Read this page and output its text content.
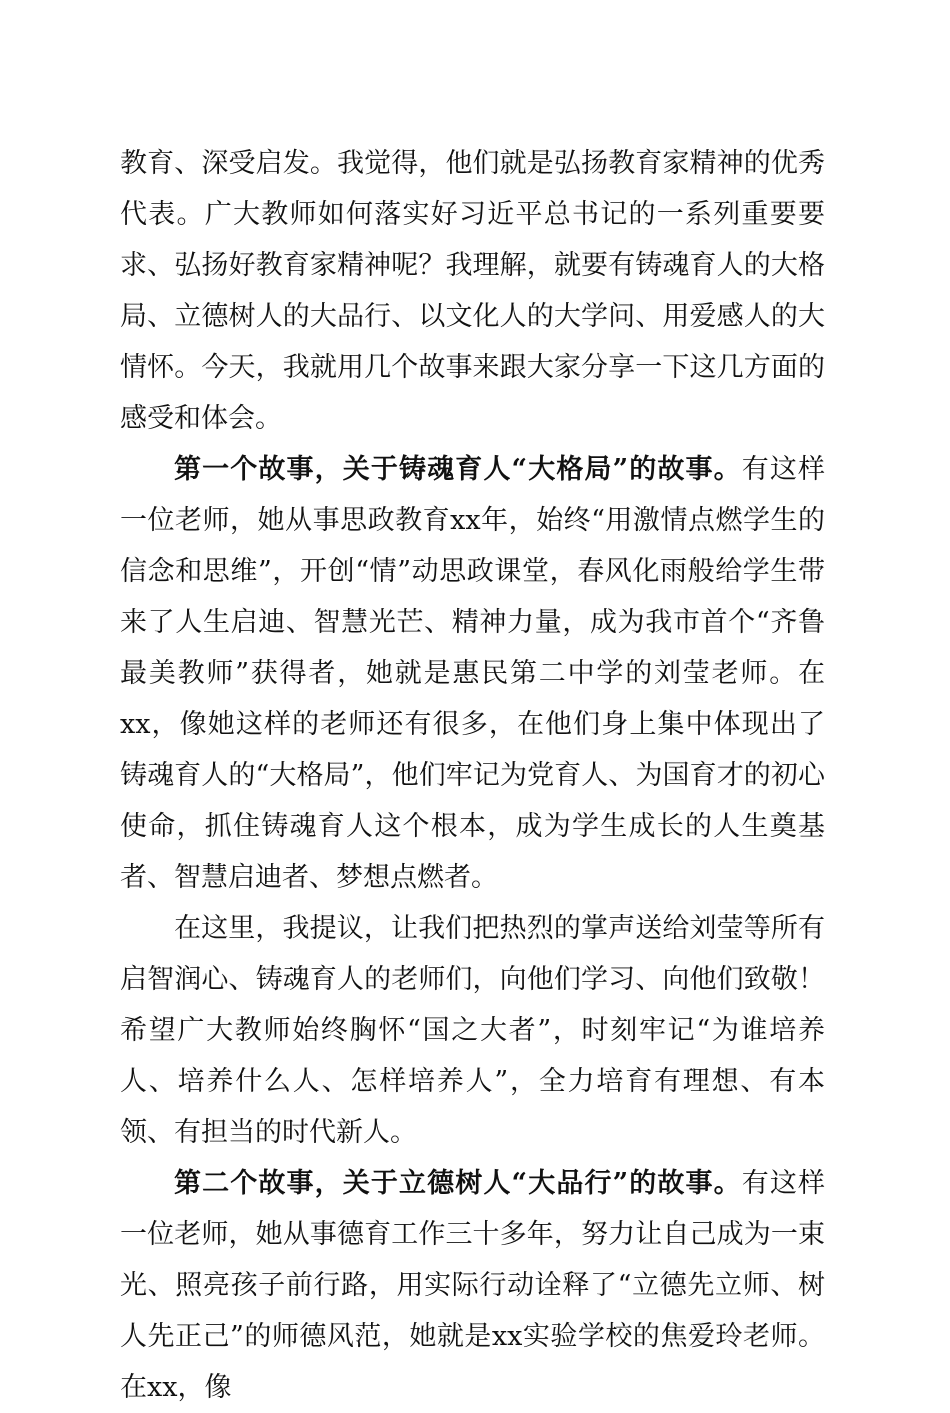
教育、深受启发。我觉得，他们就是弘扬教育家精神的优秀代表。广大教师如何落实好习近平总书记的一系列重要要求、弘扬好教育家精神呢？我理解，就要有铸魂育人的大格局、立德树人的大品行、以文化人的大学问、用爱感人的大情怀。今天，我就用几个故事来跟大家分享一下这几方面的感受和体会。

第一个故事，关于铸魂育人“大格局”的故事。有这样一位老师，她从事思政教育xx年，始终“用激情点燃学生的信念和思维”，开创“情”动思政课堂，春风化雨般给学生带来了人生启迪、智慧光芒、精神力量，成为我市首个“齐鲁最美教师”获得者，她就是惠民第二中学的刘莹老师。在xx，像她这样的老师还有很多，在他们身上集中体现出了铸魂育人的“大格局”，他们牢记为党育人、为国育才的初心使命，抓住铸魂育人这个根本，成为学生成长的人生奠基者、智慧启迪者、梦想点燃者。

在这里，我提议，让我们把热烈的掌声送给刘莹等所有启智润心、铸魂育人的老师们，向他们学习、向他们致敬！希望广大教师始终胸怀“国之大者”，时刻牢记“为谁培养人、培养什么人、怎样培养人”，全力培育有理想、有本领、有担当的时代新人。

第二个故事，关于立德树人“大品行”的故事。有这样一位老师，她从事德育工作三十多年，努力让自己成为一束光、照亮孩子前行路，用实际行动诠释了“立德先立师、树人先正己”的师德风范，她就是xx实验学校的焦爱玲老师。在xx，像
